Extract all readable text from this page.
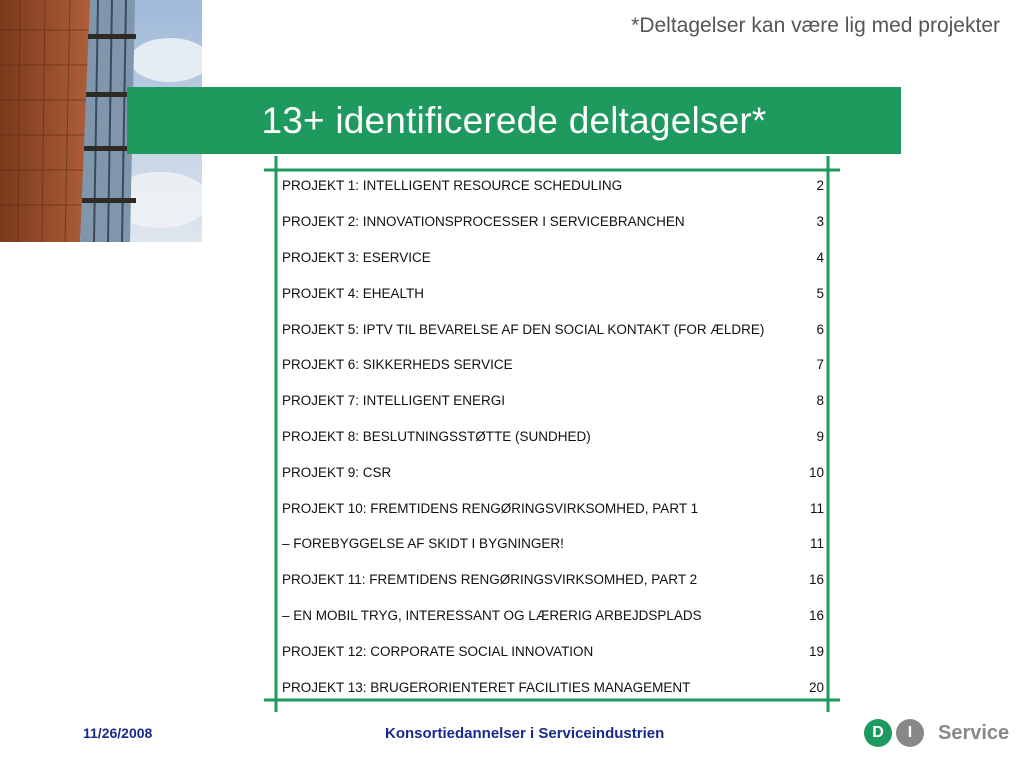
*Deltagelser kan være lig med projekter
13+ identificerede deltagelser*
PROJEKT 1: INTELLIGENT RESOURCE SCHEDULING	2
PROJEKT 2: INNOVATIONSPROCESSER I SERVICEBRANCHEN	3
PROJEKT 3: ESERVICE	4
PROJEKT 4: EHEALTH	5
PROJEKT 5: IPTV TIL BEVARELSE AF DEN SOCIAL KONTAKT (FOR ÆLDRE)	6
PROJEKT 6: SIKKERHEDS SERVICE	7
PROJEKT 7: INTELLIGENT ENERGI	8
PROJEKT 8: BESLUTNINGSSTØTTE (SUNDHED)	9
PROJEKT 9: CSR	10
PROJEKT 10: FREMTIDENS RENGØRINGSVIRKSOMHED, PART 1	11
– FOREBYGGELSE AF SKIDT I BYGNINGER!	11
PROJEKT 11: FREMTIDENS RENGØRINGSVIRKSOMHED, PART 2	16
– EN MOBIL TRYG, INTERESSANT OG LÆRERIG ARBEJDSPLADS	16
PROJEKT 12: CORPORATE SOCIAL INNOVATION	19
PROJEKT 13: BRUGERORIENTERET FACILITIES MANAGEMENT	20
11/26/2008	Konsortiedannelser i Serviceindustrien	D	I	Service
